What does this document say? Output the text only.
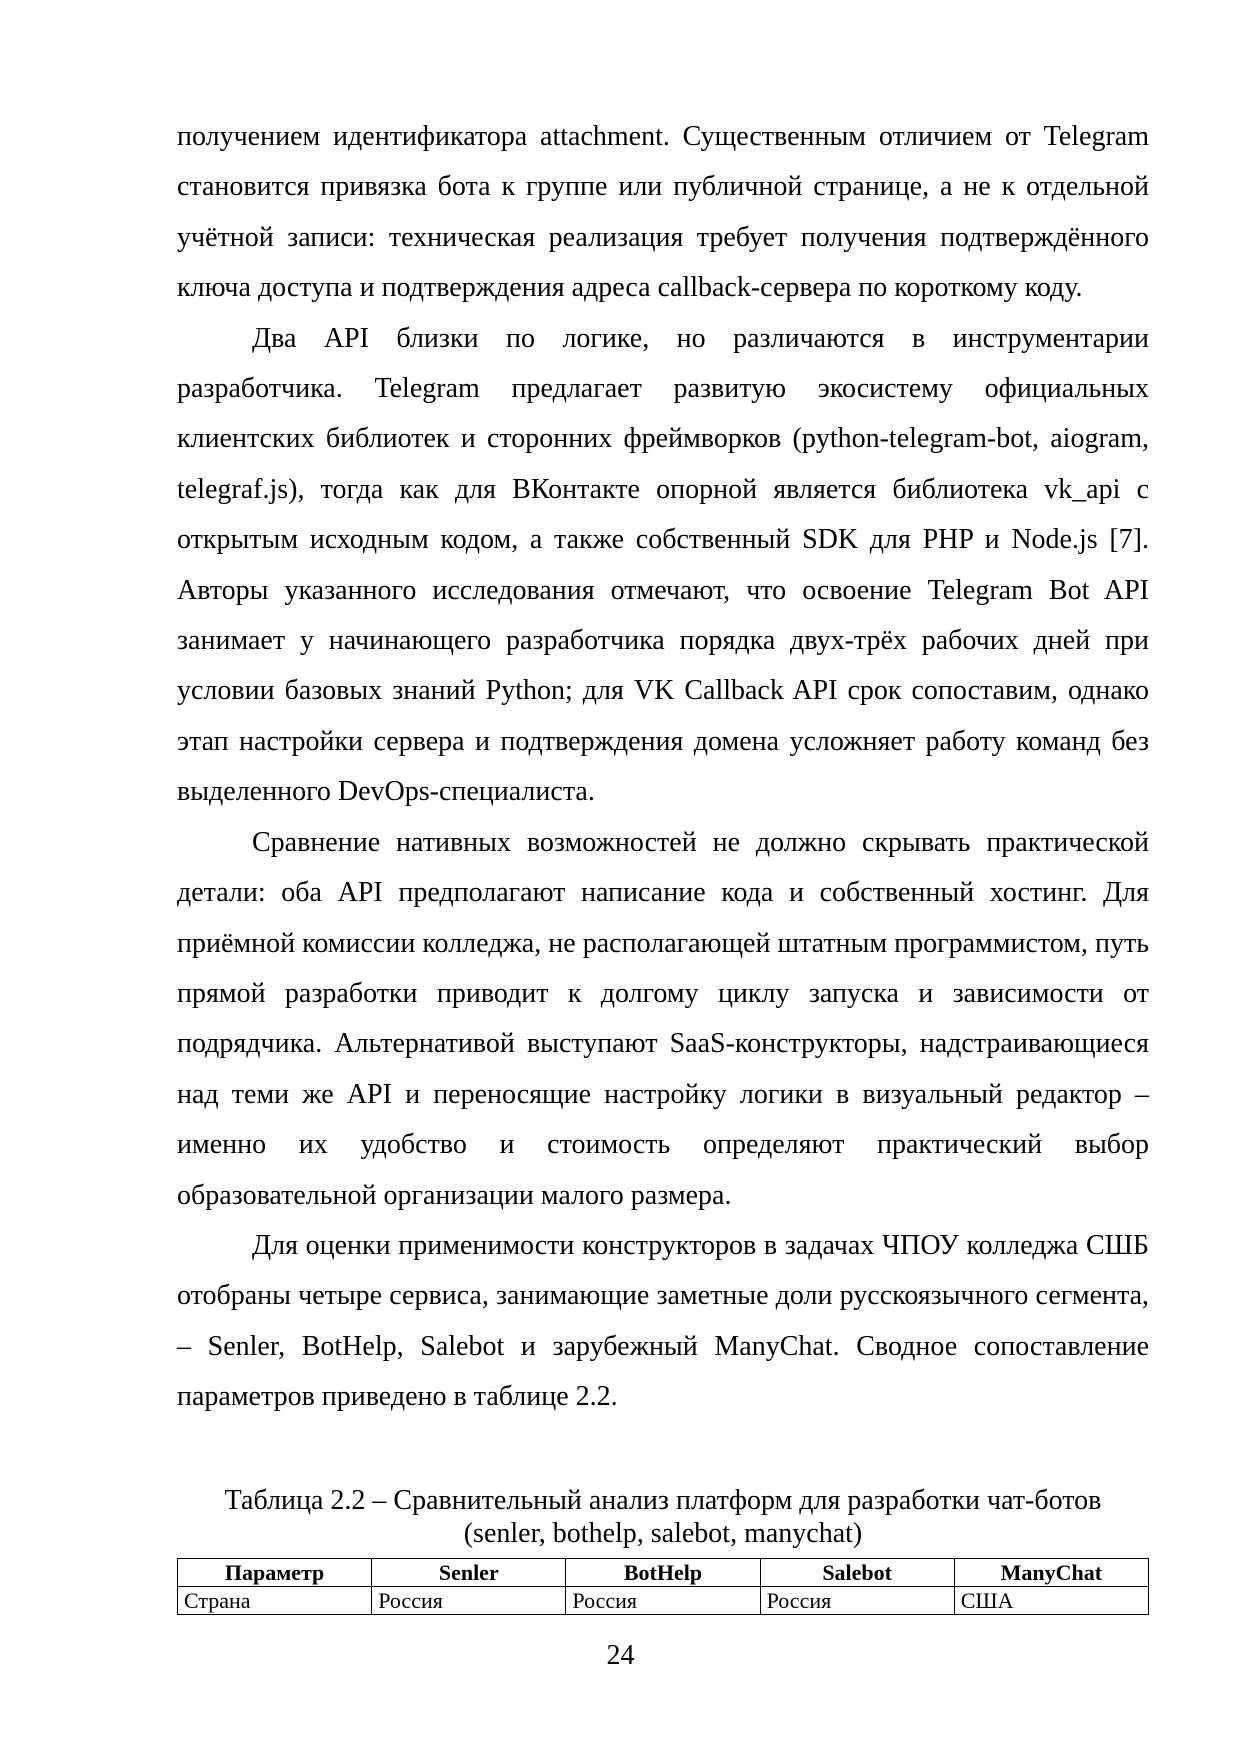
получением идентификатора attachment. Существенным отличием от Telegram становится привязка бота к группе или публичной странице, а не к отдельной учётной записи: техническая реализация требует получения подтверждённого ключа доступа и подтверждения адреса callback-сервера по короткому коду.

Два API близки по логике, но различаются в инструментарии разработчика. Telegram предлагает развитую экосистему официальных клиентских библиотек и сторонних фреймворков (python-telegram-bot, aiogram, telegraf.js), тогда как для ВКонтакте опорной является библиотека vk_api с открытым исходным кодом, а также собственный SDK для PHP и Node.js [7]. Авторы указанного исследования отмечают, что освоение Telegram Bot API занимает у начинающего разработчика порядка двух-трёх рабочих дней при условии базовых знаний Python; для VK Callback API срок сопоставим, однако этап настройки сервера и подтверждения домена усложняет работу команд без выделенного DevOps-специалиста.

Сравнение нативных возможностей не должно скрывать практической детали: оба API предполагают написание кода и собственный хостинг. Для приёмной комиссии колледжа, не располагающей штатным программистом, путь прямой разработки приводит к долгому циклу запуска и зависимости от подрядчика. Альтернативой выступают SaaS-конструкторы, надстраивающиеся над теми же API и переносящие настройку логики в визуальный редактор – именно их удобство и стоимость определяют практический выбор образовательной организации малого размера.

Для оценки применимости конструкторов в задачах ЧПОУ колледжа СШБ отобраны четыре сервиса, занимающие заметные доли русскоязычного сегмента, – Senler, BotHelp, Salebot и зарубежный ManyChat. Сводное сопоставление параметров приведено в таблице 2.2.

Таблица 2.2 – Сравнительный анализ платформ для разработки чат-ботов
(senler, bothelp, salebot, manychat)
Параметр	Senler	BotHelp	Salebot	ManyChat
Страна	Россия	Россия	Россия	США
24
